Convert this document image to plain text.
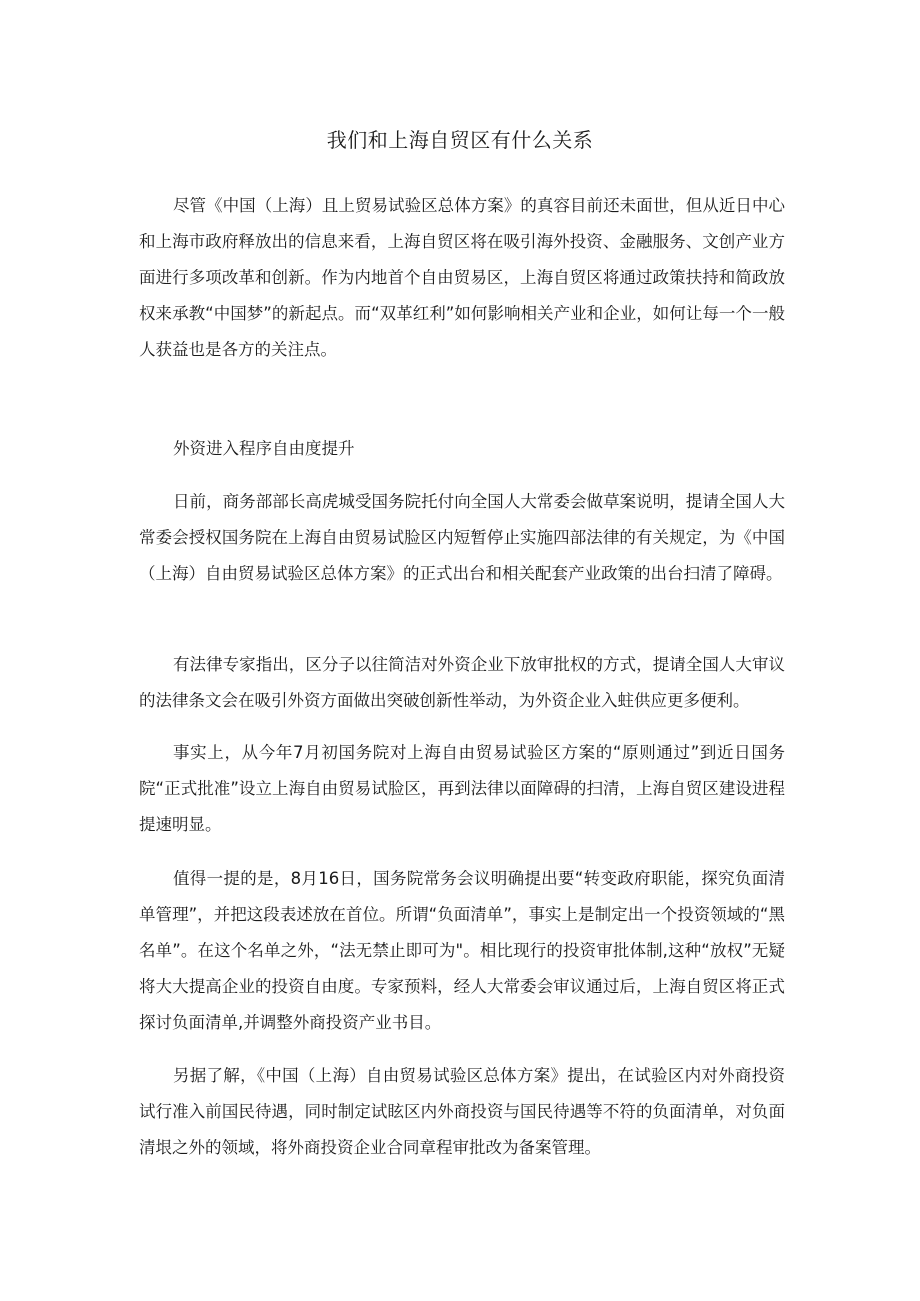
我们和上海自贸区有什么关系

尽管《中国（上海）且上贸易试验区总体方案》的真容目前还未面世，但从近日中心和上海市政府释放出的信息来看，上海自贸区将在吸引海外投资、金融服务、文创产业方面进行多项改革和创新。作为内地首个自由贸易区，上海自贸区将通过政策扶持和简政放权来承教“中国梦”的新起点。而“双革红利”如何影响相关产业和企业，如何让每一个一般人获益也是各方的关注点。

外资进入程序自由度提升

日前，商务部部长高虎城受国务院托付向全国人大常委会做草案说明，提请全国人大常委会授权国务院在上海自由贸易试脸区内短暂停止实施四部法律的有关规定，为《中国（上海）自由贸易试验区总体方案》的正式出台和相关配套产业政策的出台扫清了障碍。

有法律专家指出，区分子以往简洁对外资企业下放审批权的方式，提请全国人大审议的法律条文会在吸引外资方面做出突破创新性举动，为外资企业入蛀供应更多便利。

事实上，从今年7月初国务院对上海自由贸易试验区方案的“原则通过”到近日国务院“正式批准”设立上海自由贸易试脸区，再到法律以面障碍的扫清，上海自贸区建设进程提速明显。

值得一提的是，8月16日，国务院常务会议明确提出要“转变政府职能，探究负面清单管理”，并把这段表述放在首位。所谓“负面清单”，事实上是制定出一个投资领域的“黑名单”。在这个名单之外，“法无禁止即可为"。相比现行的投资审批体制,这种“放权”无疑将大大提高企业的投资自由度。专家预料，经人大常委会审议通过后，上海自贸区将正式探讨负面清单,并调整外商投资产业书目。

另据了解，《中国（上海）自由贸易试验区总体方案》提出，在试验区内对外商投资试行准入前国民待遇，同时制定试眩区内外商投资与国民待遇等不符的负面清单，对负面清垠之外的领域，将外商投资企业合同章程审批改为备案管理。
